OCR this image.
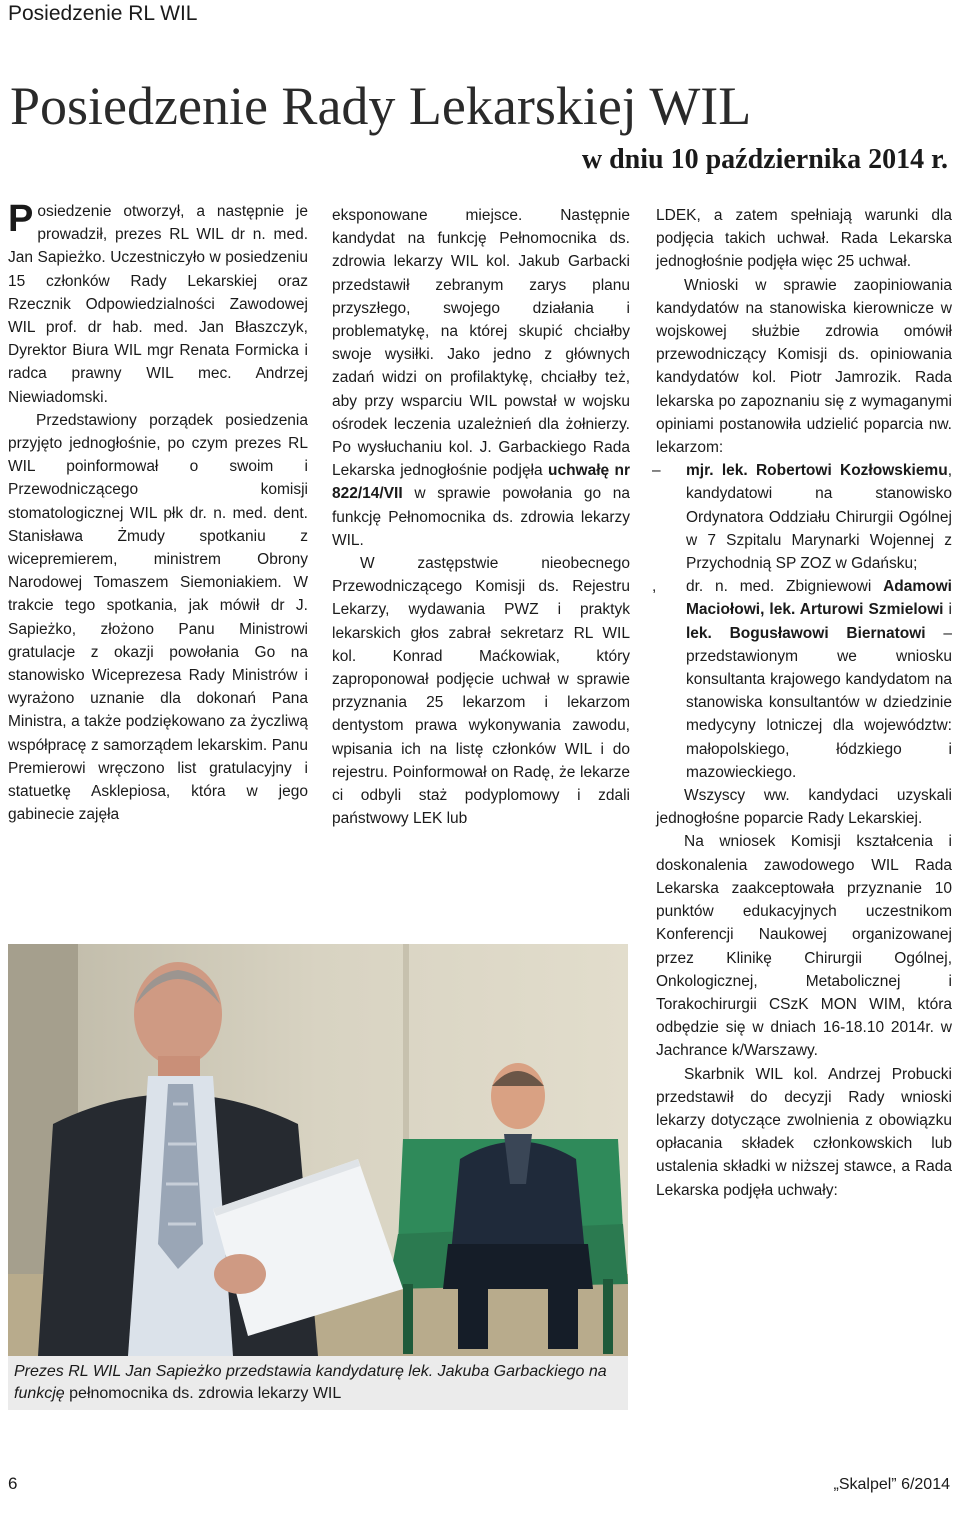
Posiedzenie RL WIL
Posiedzenie Rady Lekarskiej WIL
w dniu 10 października 2014 r.

Posiedzenie otworzył, a następnie je prowadził, prezes RL WIL dr n. med. Jan Sapieżko. Uczestniczyło w posiedzeniu 15 członków Rady Lekarskiej oraz Rzecznik Odpowiedzialności Zawodowej WIL prof. dr hab. med. Jan Błaszczyk, Dyrektor Biura WIL mgr Renata Formicka i radca prawny WIL mec. Andrzej Niewiadomski.

Przedstawiony porządek posiedzenia przyjęto jednogłośnie, po czym prezes RL WIL poinformował o swoim i Przewodniczącego komisji stomatologicznej WIL płk dr. n. med. dent. Stanisława Żmudy spotkaniu z wicepremierem, ministrem Obrony Narodowej Tomaszem Siemoniakiem. W trakcie tego spotkania, jak mówił dr J. Sapieżko, złożono Panu Ministrowi gratulacje z okazji powołania Go na stanowisko Wiceprezesa Rady Ministrów i wyrażono uznanie dla dokonań Pana Ministra, a także podziękowano za życzliwą współpracę z samorządem lekarskim. Panu Premierowi wręczono list gratulacyjny i statuetkę Asklepiosa, która w jego gabinecie zajęła

eksponowane miejsce. Następnie kandydat na funkcję Pełnomocnika ds. zdrowia lekarzy WIL kol. Jakub Garbacki przedstawił zebranym zarys planu przyszłego, swojego działania i problematykę, na której skupić chciałby swoje wysiłki. Jako jedno z głównych zadań widzi on profilaktykę, chciałby też, aby przy wsparciu WIL powstał w wojsku ośrodek leczenia uzależnień dla żołnierzy. Po wysłuchaniu kol. J. Garbackiego Rada Lekarska jednogłośnie podjęła uchwałę nr 822/14/VII w sprawie powołania go na funkcję Pełnomocnika ds. zdrowia lekarzy WIL.

W zastępstwie nieobecnego Przewodniczącego Komisji ds. Rejestru Lekarzy, wydawania PWZ i praktyk lekarskich głos zabrał sekretarz RL WIL kol. Konrad Maćkowiak, który zaproponował podjęcie uchwał w sprawie przyznania 25 lekarzom i lekarzom dentystom prawa wykonywania zawodu, wpisania ich na listę członków WIL i do rejestru. Poinformował on Radę, że lekarze ci odbyli staż podyplomowy i zdali państwowy LEK lub

LDEK, a zatem spełniają warunki dla podjęcia takich uchwał. Rada Lekarska jednogłośnie podjęła więc 25 uchwał.

Wnioski w sprawie zaopiniowania kandydatów na stanowiska kierownicze w wojskowej służbie zdrowia omówił przewodniczący Komisji ds. opiniowania kandydatów kol. Piotr Jamrozik. Rada lekarska po zapoznaniu się z wymaganymi opiniami postanowiła udzielić poparcia nw. lekarzom:

– mjr. lek. Robertowi Kozłowskiemu, kandydatowi na stanowisko Ordynatora Oddziału Chirurgii Ogólnej w 7 Szpitalu Marynarki Wojennej z Przychodnią SP ZOZ w Gdańsku;

, dr. n. med. Zbigniewowi Adamowi Maciołowi, lek. Arturowi Szmielowi i lek. Bogusławowi Biernatowi – przedstawionym we wniosku konsultanta krajowego kandydatom na stanowiska konsultantów w dziedzinie medycyny lotniczej dla województw: małopolskiego, łódzkiego i mazowieckiego.

Wszyscy ww. kandydaci uzyskali jednogłośne poparcie Rady Lekarskiej.

Na wniosek Komisji kształcenia i doskonalenia zawodowego WIL Rada Lekarska zaakceptowała przyznanie 10 punktów edukacyjnych uczestnikom Konferencji Naukowej organizowanej przez Klinikę Chirurgii Ogólnej, Onkologicznej, Metabolicznej i Torakochirurgii CSzK MON WIM, która odbędzie się w dniach 16-18.10 2014r. w Jachrance k/Warszawy.

Skarbnik WIL kol. Andrzej Probucki przedstawił do decyzji Rady wnioski lekarzy dotyczące zwolnienia z obowiązku opłacania składek członkowskich lub ustalenia składki w niższej stawce, a Rada Lekarska podjęła uchwały:

Prezes RL WIL Jan Sapieżko przedstawia kandydaturę lek. Jakuba Garbackiego na funkcję pełnomocnika ds. zdrowia lekarzy WIL
6	„Skalpel” 6/2014
